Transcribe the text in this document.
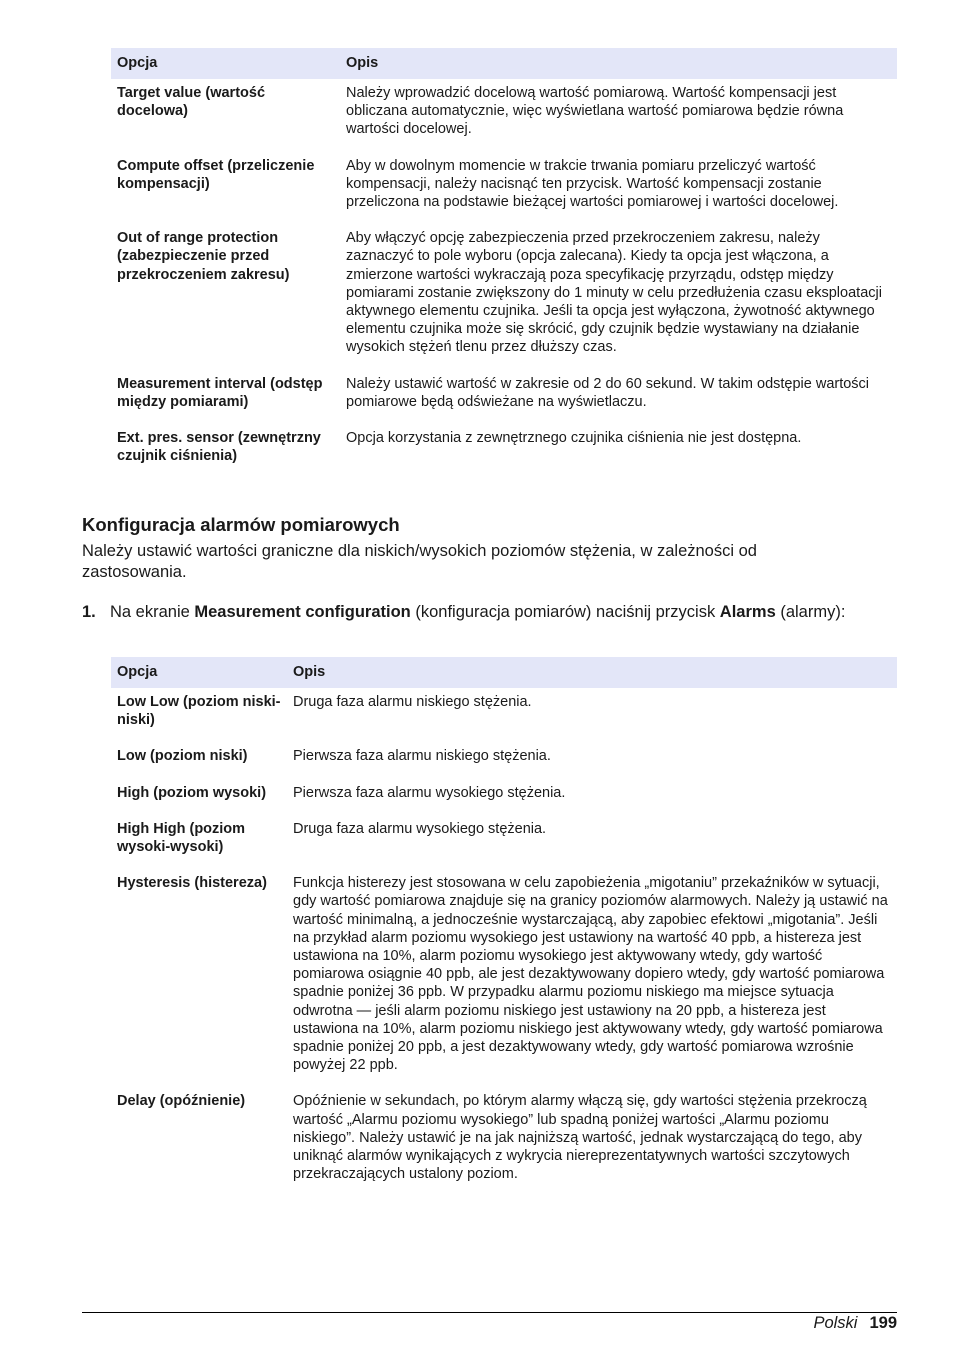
Opcja	Opis
Target value (wartość docelowa)	Należy wprowadzić docelową wartość pomiarową. Wartość kompensacji jest obliczana automatycznie, więc wyświetlana wartość pomiarowa będzie równa wartości docelowej.
Compute offset (przeliczenie kompensacji)	Aby w dowolnym momencie w trakcie trwania pomiaru przeliczyć wartość kompensacji, należy nacisnąć ten przycisk. Wartość kompensacji zostanie przeliczona na podstawie bieżącej wartości pomiarowej i wartości docelowej.
Out of range protection (zabezpieczenie przed przekroczeniem zakresu)	Aby włączyć opcję zabezpieczenia przed przekroczeniem zakresu, należy zaznaczyć to pole wyboru (opcja zalecana). Kiedy ta opcja jest włączona, a zmierzone wartości wykraczają poza specyfikację przyrządu, odstęp między pomiarami zostanie zwiększony do 1 minuty w celu przedłużenia czasu eksploatacji aktywnego elementu czujnika. Jeśli ta opcja jest wyłączona, żywotność aktywnego elementu czujnika może się skrócić, gdy czujnik będzie wystawiany na działanie wysokich stężeń tlenu przez dłuższy czas.
Measurement interval (odstęp między pomiarami)	Należy ustawić wartość w zakresie od 2 do 60 sekund. W takim odstępie wartości pomiarowe będą odświeżane na wyświetlaczu.
Ext. pres. sensor (zewnętrzny czujnik ciśnienia)	Opcja korzystania z zewnętrznego czujnika ciśnienia nie jest dostępna.
Konfiguracja alarmów pomiarowych

Należy ustawić wartości graniczne dla niskich/wysokich poziomów stężenia, w zależności od zastosowania.

1. Na ekranie Measurement configuration (konfiguracja pomiarów) naciśnij przycisk Alarms (alarmy):
Opcja	Opis
Low Low (poziom niski-niski)	Druga faza alarmu niskiego stężenia.
Low (poziom niski)	Pierwsza faza alarmu niskiego stężenia.
High (poziom wysoki)	Pierwsza faza alarmu wysokiego stężenia.
High High (poziom wysoki-wysoki)	Druga faza alarmu wysokiego stężenia.
Hysteresis (histereza)	Funkcja histerezy jest stosowana w celu zapobieżenia „migotaniu” przekaźników w sytuacji, gdy wartość pomiarowa znajduje się na granicy poziomów alarmowych. Należy ją ustawić na wartość minimalną, a jednocześnie wystarczającą, aby zapobiec efektowi „migotania”. Jeśli na przykład alarm poziomu wysokiego jest ustawiony na wartość 40 ppb, a histereza jest ustawiona na 10%, alarm poziomu wysokiego jest aktywowany wtedy, gdy wartość pomiarowa osiągnie 40 ppb, ale jest dezaktywowany dopiero wtedy, gdy wartość pomiarowa spadnie poniżej 36 ppb. W przypadku alarmu poziomu niskiego ma miejsce sytuacja odwrotna — jeśli alarm poziomu niskiego jest ustawiony na 20 ppb, a histereza jest ustawiona na 10%, alarm poziomu niskiego jest aktywowany wtedy, gdy wartość pomiarowa spadnie poniżej 20 ppb, a jest dezaktywowany wtedy, gdy wartość pomiarowa wzrośnie powyżej 22 ppb.
Delay (opóźnienie)	Opóźnienie w sekundach, po którym alarmy włączą się, gdy wartości stężenia przekroczą wartość „Alarmu poziomu wysokiego” lub spadną poniżej wartości „Alarmu poziomu niskiego”. Należy ustawić je na jak najniższą wartość, jednak wystarczającą do tego, aby uniknąć alarmów wynikających z wykrycia niereprezentatywnych wartości szczytowych przekraczających ustalony poziom.
Polski 199
